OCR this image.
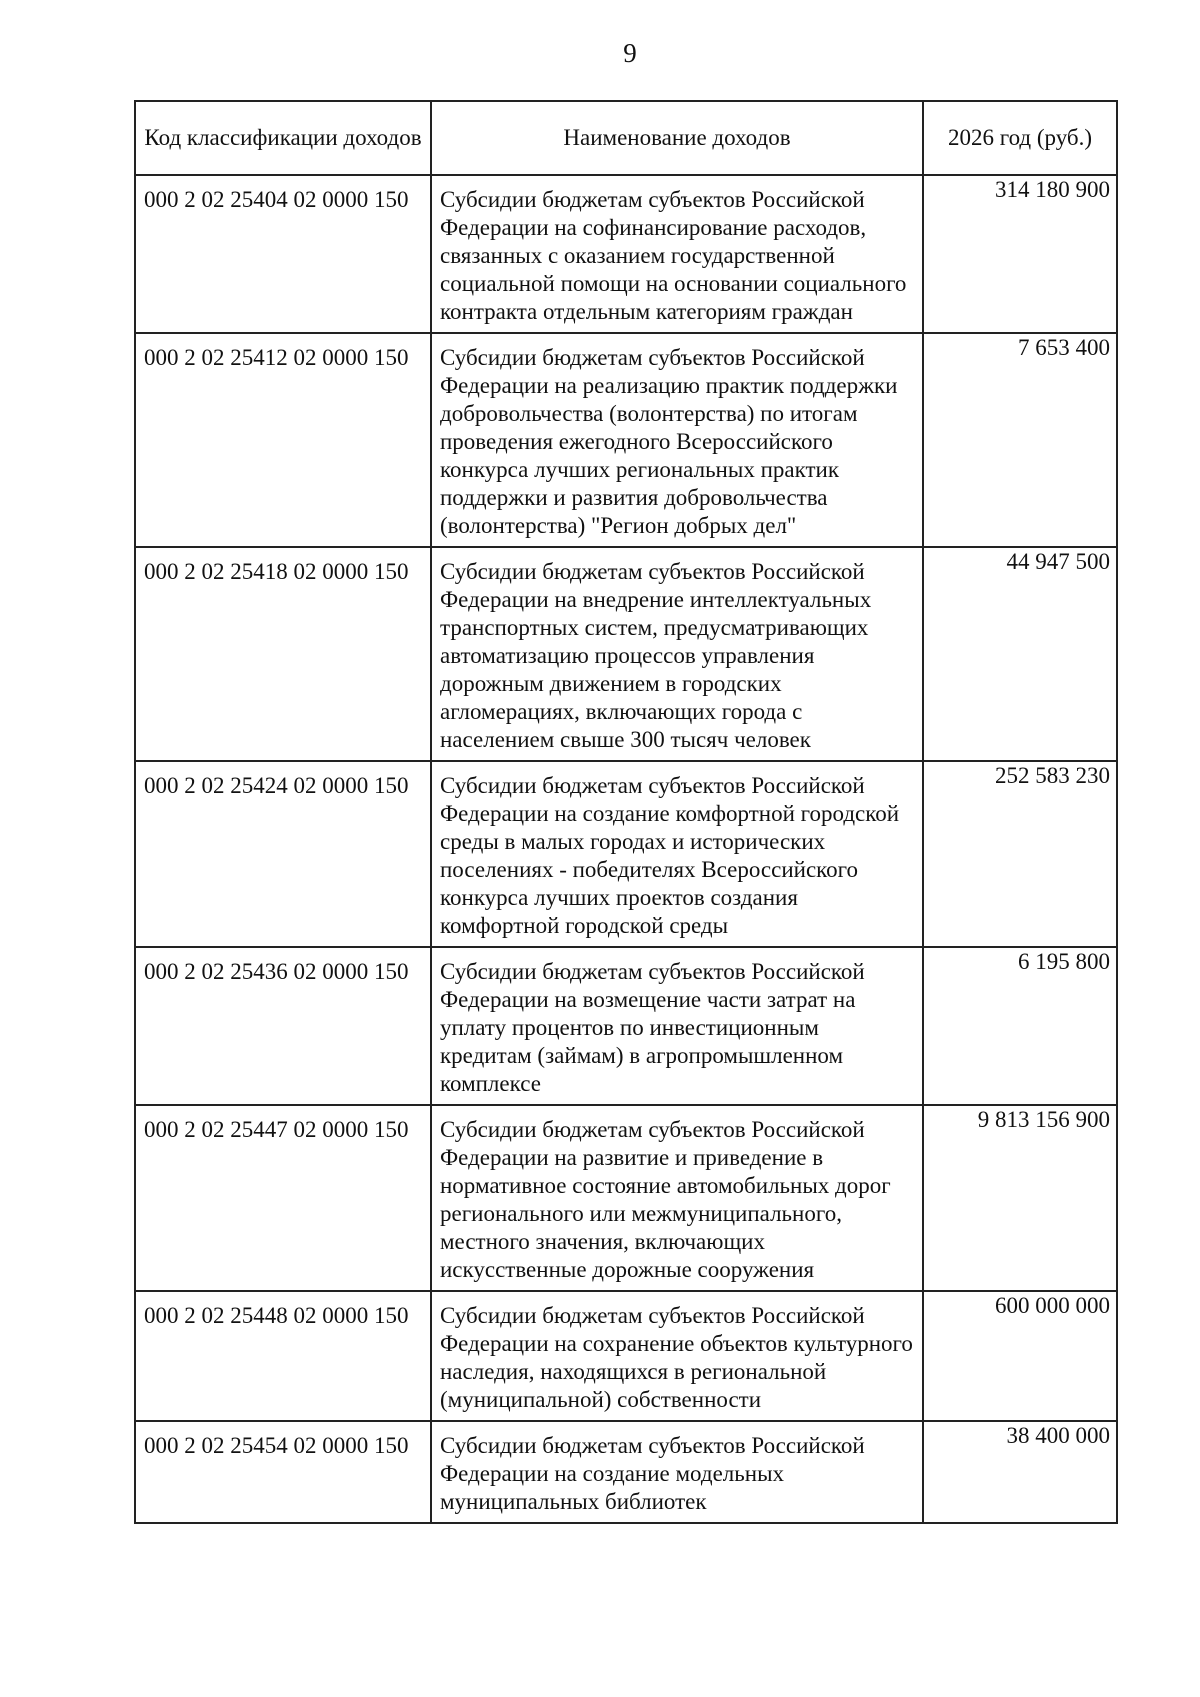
9
Код классификации доходов	Наименование доходов	2026 год (руб.)
000 2 02 25404 02 0000 150	Субсидии бюджетам субъектов Российской Федерации на софинансирование расходов, связанных с оказанием государственной социальной помощи на основании социального контракта отдельным категориям граждан	314 180 900
000 2 02 25412 02 0000 150	Субсидии бюджетам субъектов Российской Федерации на реализацию практик поддержки добровольчества (волонтерства) по итогам проведения ежегодного Всероссийского конкурса лучших региональных практик поддержки и развития добровольчества (волонтерства) "Регион добрых дел"	7 653 400
000 2 02 25418 02 0000 150	Субсидии бюджетам субъектов Российской Федерации на внедрение интеллектуальных транспортных систем, предусматривающих автоматизацию процессов управления дорожным движением в городских агломерациях, включающих города с населением свыше 300 тысяч человек	44 947 500
000 2 02 25424 02 0000 150	Субсидии бюджетам субъектов Российской Федерации на создание комфортной городской среды в малых городах и исторических поселениях - победителях Всероссийского конкурса лучших проектов создания комфортной городской среды	252 583 230
000 2 02 25436 02 0000 150	Субсидии бюджетам субъектов Российской Федерации на возмещение части затрат на уплату процентов по инвестиционным кредитам (займам) в агропромышленном комплексе	6 195 800
000 2 02 25447 02 0000 150	Субсидии бюджетам субъектов Российской Федерации на развитие и приведение в нормативное состояние автомобильных дорог регионального или межмуниципального, местного значения, включающих искусственные дорожные сооружения	9 813 156 900
000 2 02 25448 02 0000 150	Субсидии бюджетам субъектов Российской Федерации на сохранение объектов культурного наследия, находящихся в региональной (муниципальной) собственности	600 000 000
000 2 02 25454 02 0000 150	Субсидии бюджетам субъектов Российской Федерации на создание модельных муниципальных библиотек	38 400 000
